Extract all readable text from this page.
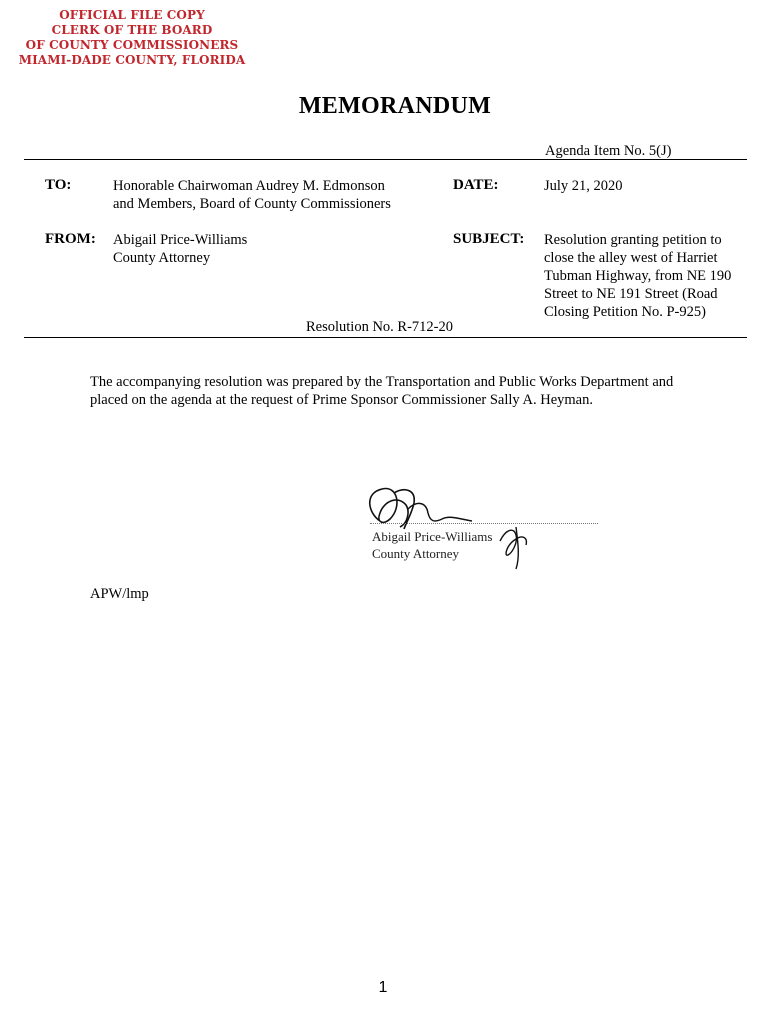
OFFICIAL FILE COPY
CLERK OF THE BOARD
OF COUNTY COMMISSIONERS
MIAMI-DADE COUNTY, FLORIDA
MEMORANDUM
Agenda Item No. 5(J)
TO:	Honorable Chairwoman Audrey M. Edmonson
and Members, Board of County Commissioners
DATE:	July 21, 2020
FROM: Abigail Price-Williams
County Attorney
SUBJECT: Resolution granting petition to
close the alley west of Harriet
Tubman Highway, from NE 190
Street to NE 191 Street (Road
Closing Petition No. P-925)
Resolution No. R-712-20
The accompanying resolution was prepared by the Transportation and Public Works Department and
placed on the agenda at the request of Prime Sponsor Commissioner Sally A. Heyman.
Abigail Price-Williams
County Attorney
APW/lmp
1
